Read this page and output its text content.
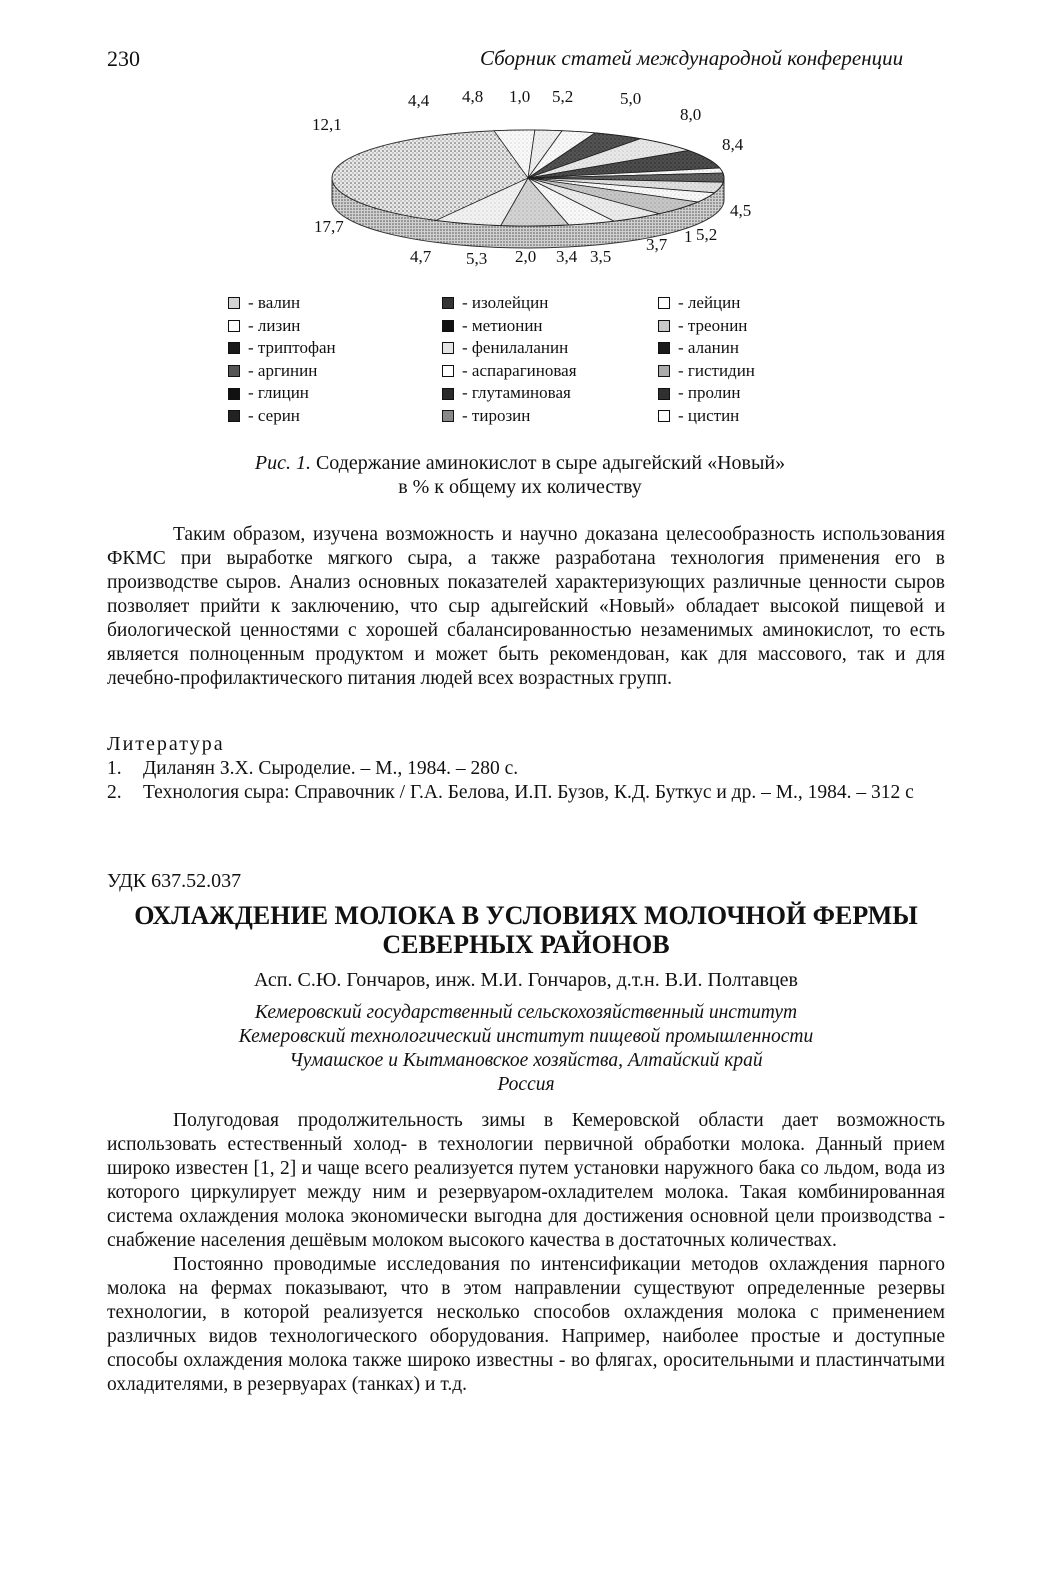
230	Сборник статей международной конференции
4,4 4,8 1,0 5,2	5,0
8,0
8,4
4,5
5,2
3,7 1
3,5
3,4
2,0
5,3
4,7
17,7
12,1
- валин
- лизин
- триптофан
- аргинин
- глицин
- серин
- изолейцин
- метионин
- фенилаланин
- аспарагиновая
- глутаминовая
- тирозин
- лейцин
- треонин
- аланин
- гистидин
- пролин
- цистин
Рис. 1. Содержание аминокислот в сыре адыгейский «Новый»
в % к общему их количеству

Таким образом, изучена возможность и научно доказана целесообразность использования ФКМС при выработке мягкого сыра, а также разработана технология применения его в производстве сыров. Анализ основных показателей характеризующих различные ценности сыров позволяет прийти к заключению, что сыр адыгейский «Новый» обладает высокой пищевой и биологической ценностями с хорошей сбалансированностью незаменимых аминокислот, то есть является полноценным продуктом и может быть рекомендован, как для массового, так и для лечебно-профилактического питания людей всех возрастных групп.

Литература
1.	Диланян З.Х. Сыроделие. – М., 1984. – 280 с.
2.	Технология сыра: Справочник / Г.А. Белова, И.П. Бузов, К.Д. Буткус и др. – М., 1984. – 312 с
УДК 637.52.037
ОХЛАЖДЕНИЕ МОЛОКА В УСЛОВИЯХ МОЛОЧНОЙ ФЕРМЫ
СЕВЕРНЫХ РАЙОНОВ
Асп. С.Ю. Гончаров, инж. М.И. Гончаров, д.т.н. В.И. Полтавцев
Кемеровский государственный сельскохозяйственный институт
Кемеровский технологический институт пищевой промышленности
Чумашское и Кытмановское хозяйства, Алтайский край
Россия

Полугодовая продолжительность зимы в Кемеровской области дает возможность использовать естественный холод- в технологии первичной обработки молока. Данный прием широко известен [1, 2] и чаще всего реализуется путем установки наружного бака со льдом, вода из которого циркулирует между ним и резервуаром-охладителем молока. Такая комбинированная система охлаждения молока экономически выгодна для достижения основной цели производства - снабжение населения дешёвым молоком высокого качества в достаточных количествах.

Постоянно проводимые исследования по интенсификации методов охлаждения парного молока на фермах показывают, что в этом направлении существуют определенные резервы технологии, в которой реализуется несколько способов охлаждения молока с применением различных видов технологического оборудования. Например, наиболее простые и доступные способы охлаждения молока также широко известны - во флягах, оросительными и пластинчатыми охладителями, в резервуарах (танках) и т.д.
